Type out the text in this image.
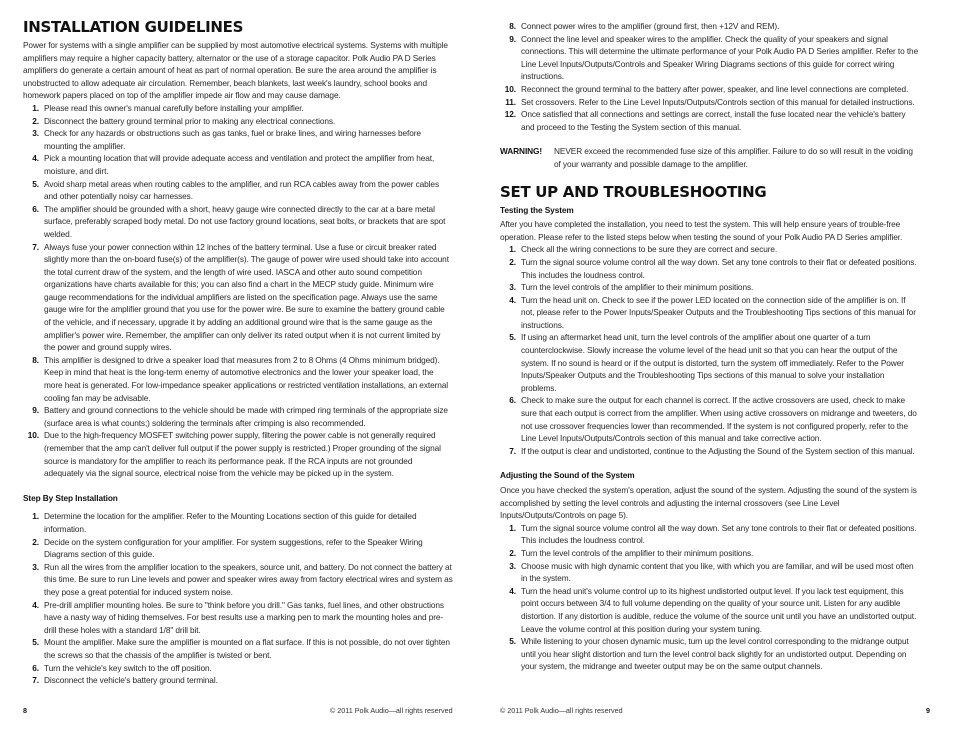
INSTALLATION GUIDELINES

Power for systems with a single amplifier can be supplied by most automotive electrical systems. Systems with multiple amplifiers may require a higher capacity battery, alternator or the use of a storage capacitor. Polk Audio PA D Series amplifiers do generate a certain amount of heat as part of normal operation. Be sure the area around the amplifier is unobstructed to allow adequate air circulation. Remember, beach blankets, last week's laundry, school books and homework papers placed on top of the amplifier impede air flow and may cause damage.

1. Please read this owner's manual carefully before installing your amplifier.
2. Disconnect the battery ground terminal prior to making any electrical connections.
3. Check for any hazards or obstructions such as gas tanks, fuel or brake lines, and wiring harnesses before mounting the amplifier.
4. Pick a mounting location that will provide adequate access and ventilation and protect the amplifier from heat, moisture, and dirt.
5. Avoid sharp metal areas when routing cables to the amplifier, and run RCA cables away from the power cables and other potentially noisy car harnesses.
6. The amplifier should be grounded with a short, heavy gauge wire connected directly to the car at a bare metal surface, preferably scraped body metal. Do not use factory ground locations, seat bolts, or brackets that are spot welded.
7. Always fuse your power connection within 12 inches of the battery terminal. Use a fuse or circuit breaker rated slightly more than the on-board fuse(s) of the amplifier(s). The gauge of power wire used should take into account the total current draw of the system, and the length of wire used. IASCA and other auto sound competition organizations have charts available for this; you can also find a chart in the MECP study guide. Minimum wire gauge recommendations for the individual amplifiers are listed on the specification page. Always use the same gauge wire for the amplifier ground that you use for the power wire. Be sure to examine the battery ground cable of the vehicle, and if necessary, upgrade it by adding an additional ground wire that is the same gauge as the amplifier's power wire. Remember, the amplifier can only deliver its rated output when it is not current limited by the power and ground supply wires.
8. This amplifier is designed to drive a speaker load that measures from 2 to 8 Ohms (4 Ohms minimum bridged). Keep in mind that heat is the long-term enemy of automotive electronics and the lower your speaker load, the more heat is generated. For low-impedance speaker applications or restricted ventilation installations, an external cooling fan may be advisable.
9. Battery and ground connections to the vehicle should be made with crimped ring terminals of the appropriate size (surface area is what counts;) soldering the terminals after crimping is also recommended.
10. Due to the high-frequency MOSFET switching power supply, filtering the power cable is not generally required (remember that the amp can't deliver full output if the power supply is restricted.) Proper grounding of the signal source is mandatory for the amplifier to reach its performance peak. If the RCA inputs are not grounded adequately via the signal source, electrical noise from the vehicle may be picked up in the system.
Step By Step Installation
1. Determine the location for the amplifier. Refer to the Mounting Locations section of this guide for detailed information.
2. Decide on the system configuration for your amplifier. For system suggestions, refer to the Speaker Wiring Diagrams section of this guide.
3. Run all the wires from the amplifier location to the speakers, source unit, and battery. Do not connect the battery at this time. Be sure to run Line levels and power and speaker wires away from factory electrical wires and system as they pose a great potential for induced system noise.
4. Pre-drill amplifier mounting holes. Be sure to "think before you drill." Gas tanks, fuel lines, and other obstructions have a nasty way of hiding themselves. For best results use a marking pen to mark the mounting holes and pre-drill these holes with a standard 1/8" drill bit.
5. Mount the amplifier. Make sure the amplifier is mounted on a flat surface. If this is not possible, do not over tighten the screws so that the chassis of the amplifier is twisted or bent.
6. Turn the vehicle's key switch to the off position.
7. Disconnect the vehicle's battery ground terminal.
8. Connect power wires to the amplifier (ground first, then +12V and REM).
9. Connect the line level and speaker wires to the amplifier. Check the quality of your speakers and signal connections. This will determine the ultimate performance of your Polk Audio PA D Series amplifier. Refer to the Line Level Inputs/Outputs/Controls and Speaker Wiring Diagrams sections of this guide for correct wiring instructions.
10. Reconnect the ground terminal to the battery after power, speaker, and line level connections are completed.
11. Set crossovers. Refer to the Line Level Inputs/Outputs/Controls section of this manual for detailed instructions.
12. Once satisfied that all connections and settings are correct, install the fuse located near the vehicle's battery and proceed to the Testing the System section of this manual.

WARNING! NEVER exceed the recommended fuse size of this amplifier. Failure to do so will result in the voiding of your warranty and possible damage to the amplifier.

SET UP AND TROUBLESHOOTING
Testing the System

After you have completed the installation, you need to test the system. This will help ensure years of trouble-free operation. Please refer to the listed steps below when testing the sound of your Polk Audio PA D Series amplifier.

1. Check all the wiring connections to be sure they are correct and secure.
2. Turn the signal source volume control all the way down. Set any tone controls to their flat or defeated positions. This includes the loudness control.
3. Turn the level controls of the amplifier to their minimum positions.
4. Turn the head unit on. Check to see if the power LED located on the connection side of the amplifier is on. If not, please refer to the Power Inputs/Speaker Outputs and the Troubleshooting Tips sections of this manual for instructions.
5. If using an aftermarket head unit, turn the level controls of the amplifier about one quarter of a turn counterclockwise. Slowly increase the volume level of the head unit so that you can hear the output of the system. If no sound is heard or if the output is distorted, turn the system off immediately. Refer to the Power Inputs/Speaker Outputs and the Troubleshooting Tips sections of this manual to solve your installation problems.
6. Check to make sure the output for each channel is correct. If the active crossovers are used, check to make sure that each output is correct from the amplifier. When using active crossovers on midrange and tweeters, do not use crossover frequencies lower than recommended. If the system is not configured properly, refer to the Line Level Inputs/Outputs/Controls section of this manual and take corrective action.
7. If the output is clear and undistorted, continue to the Adjusting the Sound of the System section of this manual.
Adjusting the Sound of the System

Once you have checked the system's operation, adjust the sound of the system. Adjusting the sound of the system is accomplished by setting the level controls and adjusting the internal crossovers (see Line Level Inputs/Outputs/Controls on page 5).

1. Turn the signal source volume control all the way down. Set any tone controls to their flat or defeated positions. This includes the loudness control.
2. Turn the level controls of the amplifier to their minimum positions.
3. Choose music with high dynamic content that you like, with which you are familiar, and will be used most often in the system.
4. Turn the head unit's volume control up to its highest undistorted output level. If you lack test equipment, this point occurs between 3/4 to full volume depending on the quality of your source unit. Listen for any audible distortion. If any distortion is audible, reduce the volume of the source unit until you have an undistorted output. Leave the volume control at this position during your system tuning.
5. While listening to your chosen dynamic music, turn up the level control corresponding to the midrange output until you hear slight distortion and turn the level control back slightly for an undistorted output. Depending on your system, the midrange and tweeter output may be on the same output channels.
8	© 2011 Polk Audio—all rights reserved	© 2011 Polk Audio—all rights reserved	9
